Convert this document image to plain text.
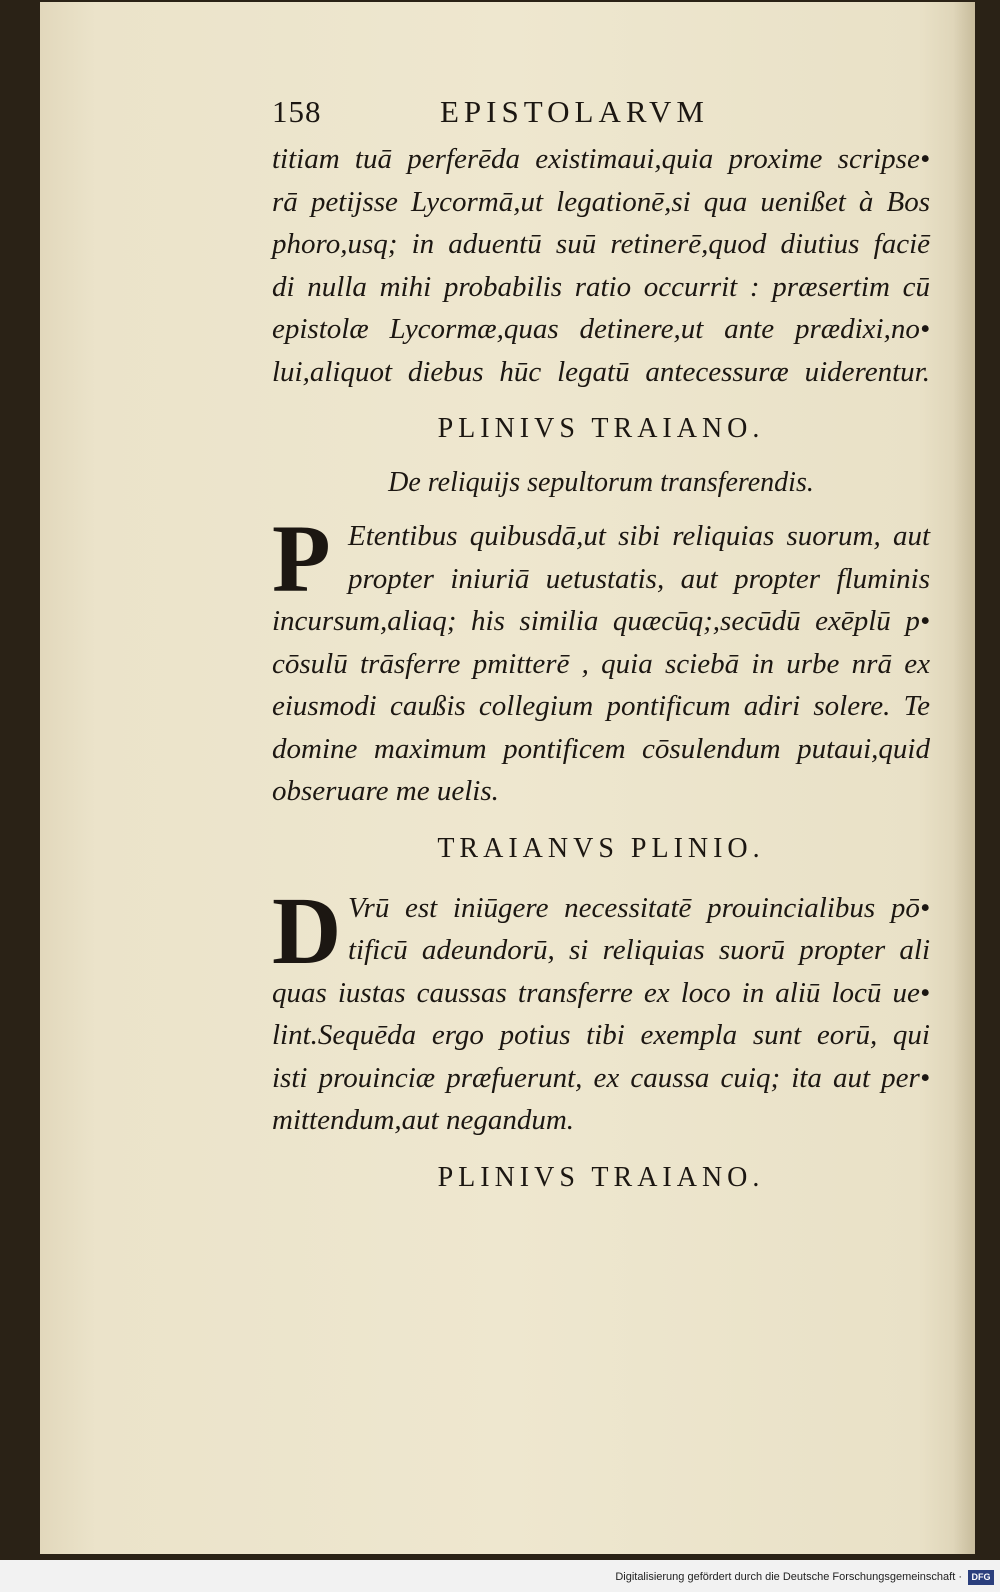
158	EPISTOLARVM
titiam tuā perferēda existimaui,quia proxime scripse•
rā petijsse Lycormā,ut legationē,si qua uenißet à Bos
phoro,usq; in aduentū suū retinerē,quod diutius faciē
di nulla mihi probabilis ratio occurrit : præsertim cū
epistolæ Lycormæ,quas detinere,ut ante prædixi,no•
lui,aliquot diebus hūc legatū antecessuræ uiderentur.
PLINIVS TRAIANO.
De reliquijs sepultorum transferendis.
P Etentibus quibusdā,ut sibi reliquias suorum, aut
propter iniuriā uetustatis, aut propter fluminis
incursum,aliaq; his similia quæcūq;,secūdū exēplū p•
cōsulū trāsferre pmitterē , quia sciebā in urbe nrā ex
eiusmodi caußis collegium pontificum adiri solere. Te
domine maximum pontificem cōsulendum putaui,quid
obseruare me uelis.
TRAIANVS PLINIO.
D Vrū est iniūgere necessitatē prouincialibus pō•
tificū adeundorū, si reliquias suorū propter ali
quas iustas caussas transferre ex loco in aliū locū ue•
lint.Sequēda ergo potius tibi exempla sunt eorū, qui
isti prouinciæ præfuerunt, ex caussa cuiq; ita aut per•
mittendum,aut negandum.
PLINIVS TRAIANO.
Digitalisierung gefördert durch die Deutsche Forschungsgemeinschaft ·	DFG
